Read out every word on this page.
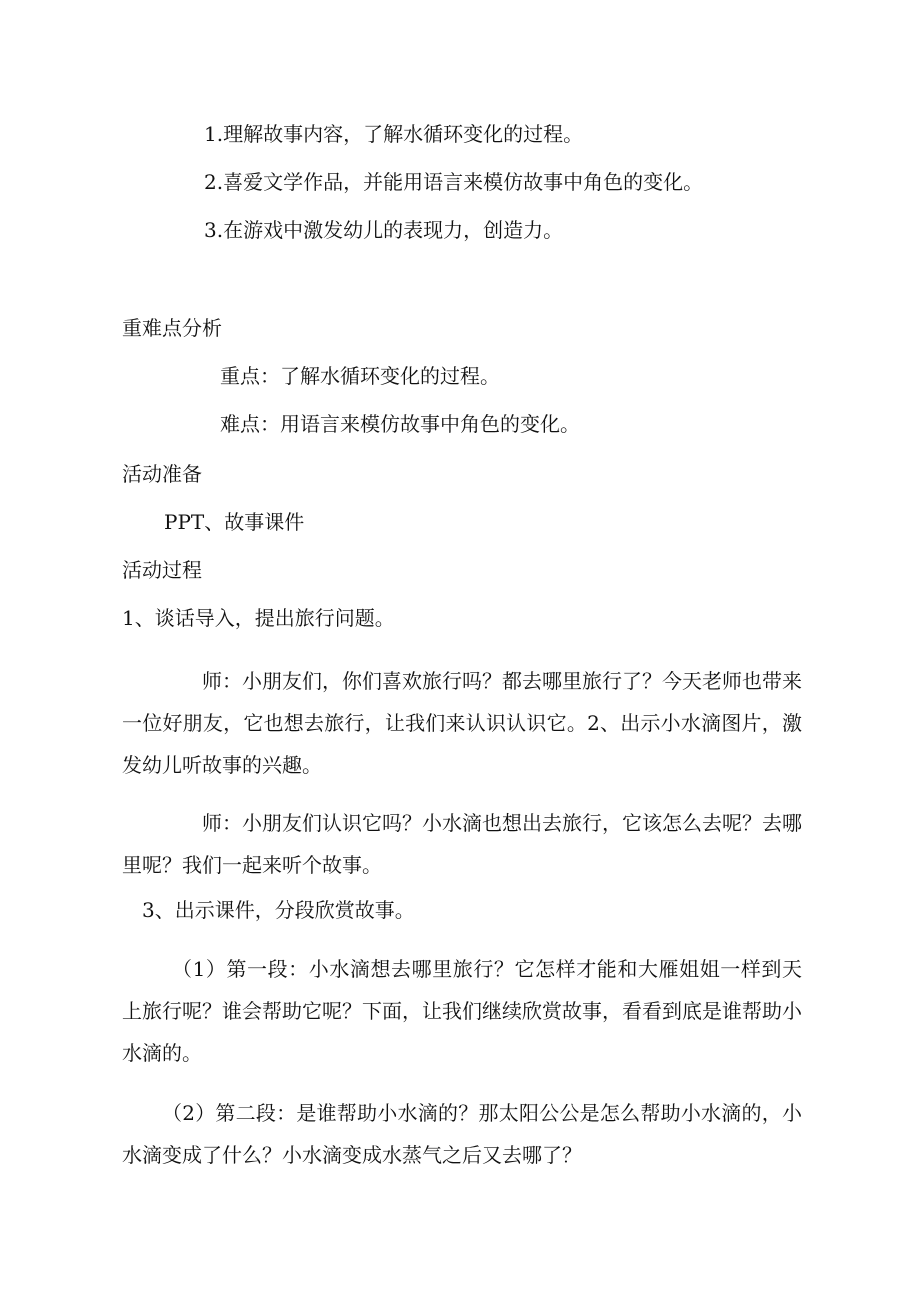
1.理解故事内容，了解水循环变化的过程。
2.喜爱文学作品，并能用语言来模仿故事中角色的变化。
3.在游戏中激发幼儿的表现力，创造力。
重难点分析
重点：了解水循环变化的过程。
难点：用语言来模仿故事中角色的变化。
活动准备
PPT、故事课件
活动过程
1、谈话导入，提出旅行问题。
师：小朋友们，你们喜欢旅行吗？都去哪里旅行了？今天老师也带来一位好朋友，它也想去旅行，让我们来认识认识它。2、出示小水滴图片，激发幼儿听故事的兴趣。
师：小朋友们认识它吗？小水滴也想出去旅行，它该怎么去呢？去哪里呢？我们一起来听个故事。
3、出示课件，分段欣赏故事。
（1）第一段：小水滴想去哪里旅行？它怎样才能和大雁姐姐一样到天上旅行呢？谁会帮助它呢？下面，让我们继续欣赏故事，看看到底是谁帮助小水滴的。
（2）第二段：是谁帮助小水滴的？那太阳公公是怎么帮助小水滴的，小水滴变成了什么？小水滴变成水蒸气之后又去哪了？
